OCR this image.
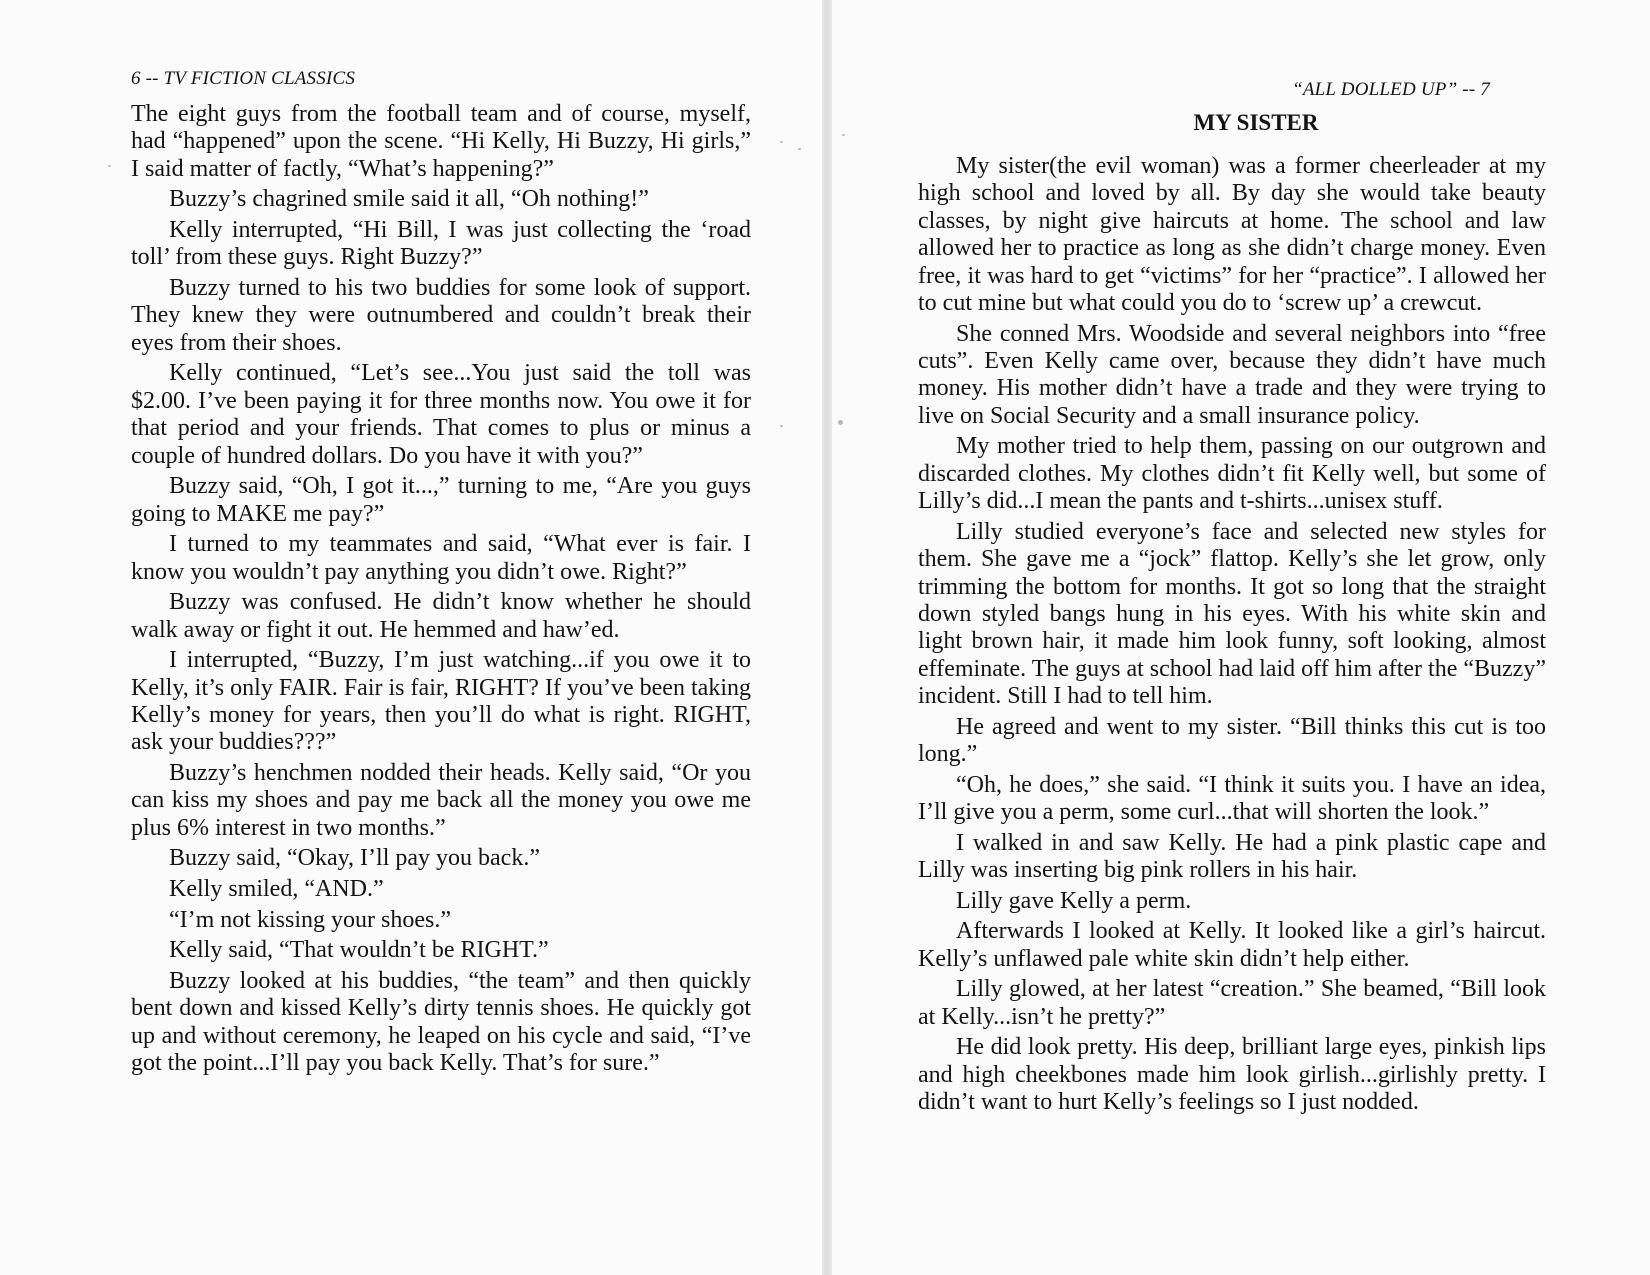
6 -- TV FICTION CLASSICS

The eight guys from the football team and of course, myself, had “happened” upon the scene. “Hi Kelly, Hi Buzzy, Hi girls,” I said matter of factly, “What’s happening?”

Buzzy’s chagrined smile said it all, “Oh nothing!”

Kelly interrupted, “Hi Bill, I was just collecting the ‘road toll’ from these guys. Right Buzzy?”

Buzzy turned to his two buddies for some look of support. They knew they were outnumbered and couldn’t break their eyes from their shoes.

Kelly continued, “Let’s see...You just said the toll was $2.00. I’ve been paying it for three months now. You owe it for that period and your friends. That comes to plus or minus a couple of hundred dollars. Do you have it with you?”

Buzzy said, “Oh, I got it...,” turning to me, “Are you guys going to MAKE me pay?”

I turned to my teammates and said, “What ever is fair. I know you wouldn’t pay anything you didn’t owe. Right?”

Buzzy was confused. He didn’t know whether he should walk away or fight it out. He hemmed and haw’ed.

I interrupted, “Buzzy, I’m just watching...if you owe it to Kelly, it’s only FAIR. Fair is fair, RIGHT? If you’ve been taking Kelly’s money for years, then you’ll do what is right. RIGHT, ask your buddies???”

Buzzy’s henchmen nodded their heads. Kelly said, “Or you can kiss my shoes and pay me back all the money you owe me plus 6% interest in two months.”

Buzzy said, “Okay, I’ll pay you back.”

Kelly smiled, “AND.”

“I’m not kissing your shoes.”

Kelly said, “That wouldn’t be RIGHT.”

Buzzy looked at his buddies, “the team” and then quickly bent down and kissed Kelly’s dirty tennis shoes. He quickly got up and without ceremony, he leaped on his cycle and said, “I’ve got the point...I’ll pay you back Kelly. That’s for sure.”

“ALL DOLLED UP” -- 7
MY SISTER

My sister(the evil woman) was a former cheerleader at my high school and loved by all. By day she would take beauty classes, by night give haircuts at home. The school and law allowed her to practice as long as she didn’t charge money. Even free, it was hard to get “victims” for her “practice”. I allowed her to cut mine but what could you do to ‘screw up’ a crewcut.

She conned Mrs. Woodside and several neighbors into “free cuts”. Even Kelly came over, because they didn’t have much money. His mother didn’t have a trade and they were trying to live on Social Security and a small insurance policy.

My mother tried to help them, passing on our outgrown and discarded clothes. My clothes didn’t fit Kelly well, but some of Lilly’s did...I mean the pants and t-shirts...unisex stuff.

Lilly studied everyone’s face and selected new styles for them. She gave me a “jock” flattop. Kelly’s she let grow, only trimming the bottom for months. It got so long that the straight down styled bangs hung in his eyes. With his white skin and light brown hair, it made him look funny, soft looking, almost effeminate. The guys at school had laid off him after the “Buzzy” incident. Still I had to tell him.

He agreed and went to my sister. “Bill thinks this cut is too long.”

“Oh, he does,” she said. “I think it suits you. I have an idea, I’ll give you a perm, some curl...that will shorten the look.”

I walked in and saw Kelly. He had a pink plastic cape and Lilly was inserting big pink rollers in his hair.

Lilly gave Kelly a perm.

Afterwards I looked at Kelly. It looked like a girl’s haircut. Kelly’s unflawed pale white skin didn’t help either.

Lilly glowed, at her latest “creation.” She beamed, “Bill look at Kelly...isn’t he pretty?”

He did look pretty. His deep, brilliant large eyes, pinkish lips and high cheekbones made him look girlish...girlishly pretty. I didn’t want to hurt Kelly’s feelings so I just nodded.
